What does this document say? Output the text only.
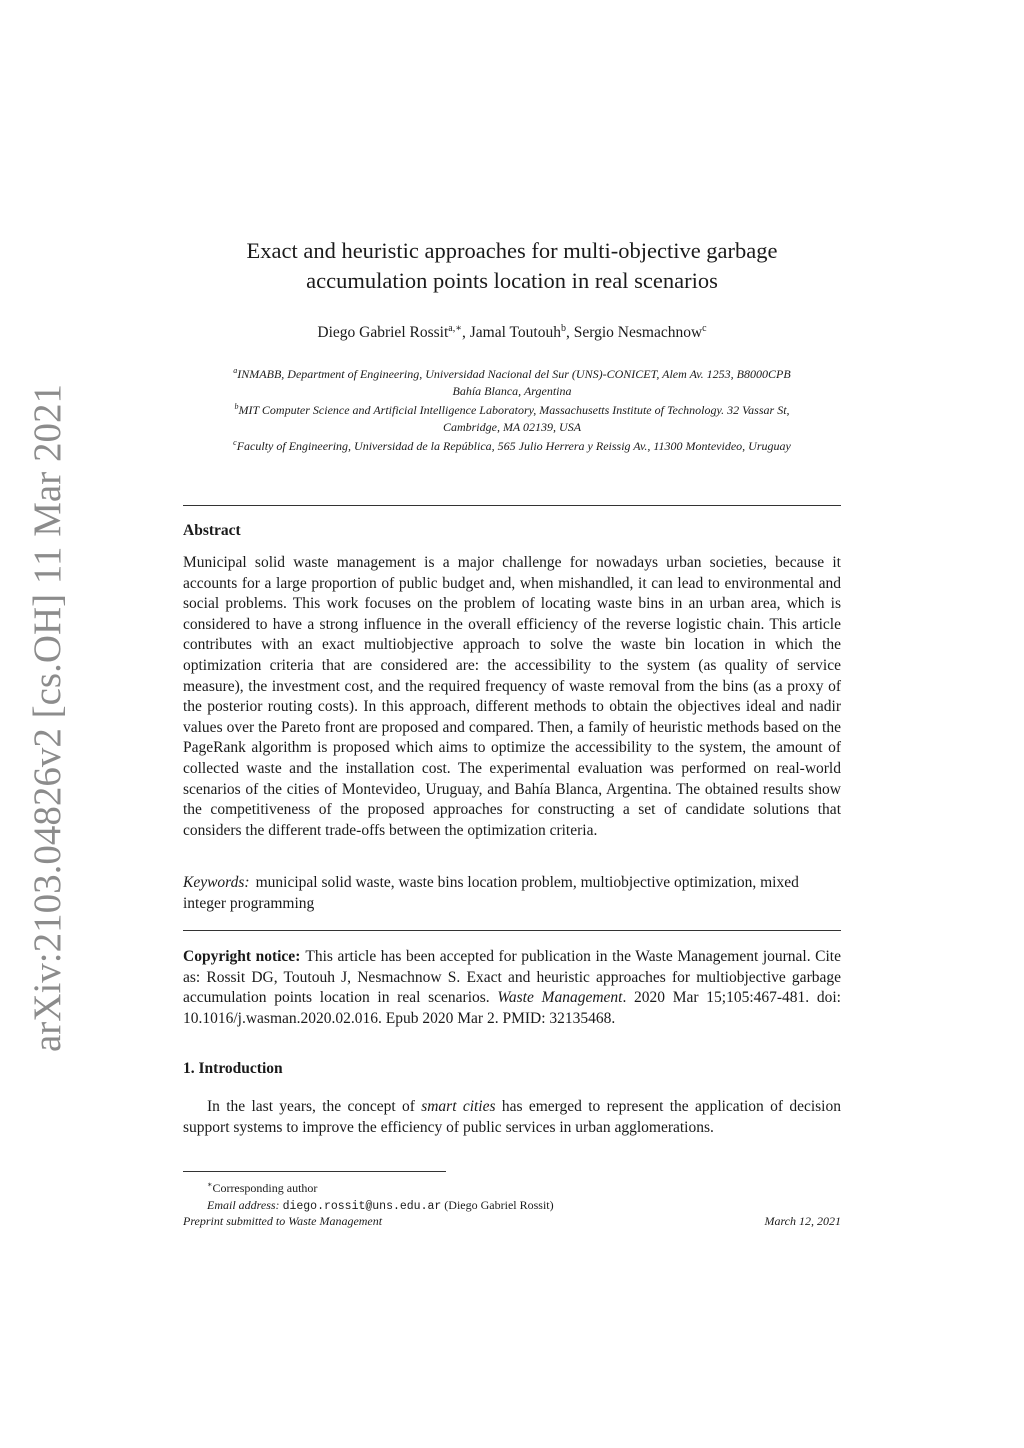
arXiv:2103.04826v2 [cs.OH] 11 Mar 2021
Exact and heuristic approaches for multi-objective garbage
accumulation points location in real scenarios
Diego Gabriel Rossit$^{a,∗}$, Jamal Toutouh$^b$, Sergio Nesmachnow$^c$
$^a$INMABB, Department of Engineering, Universidad Nacional del Sur (UNS)-CONICET, Alem Av. 1253, B8000CPB
Bahía Blanca, Argentina
$^b$MIT Computer Science and Artificial Intelligence Laboratory, Massachusetts Institute of Technology. 32 Vassar St,
Cambridge, MA 02139, USA
$^c$Faculty of Engineering, Universidad de la República, 565 Julio Herrera y Reissig Av., 11300 Montevideo, Uruguay
Abstract
Municipal solid waste management is a major challenge for nowadays urban societies, because it accounts for a large proportion of public budget and, when mishandled, it can lead to environmental and social problems. This work focuses on the problem of locating waste bins in an urban area, which is considered to have a strong influence in the overall efficiency of the reverse logistic chain. This article contributes with an exact multiobjective approach to solve the waste bin location in which the optimization criteria that are considered are: the accessibility to the system (as quality of service measure), the investment cost, and the required frequency of waste removal from the bins (as a proxy of the posterior routing costs). In this approach, different methods to obtain the objectives ideal and nadir values over the Pareto front are proposed and compared. Then, a family of heuristic methods based on the PageRank algorithm is proposed which aims to optimize the accessibility to the system, the amount of collected waste and the installation cost. The experimental evaluation was performed on real-world scenarios of the cities of Montevideo, Uruguay, and Bahía Blanca, Argentina. The obtained results show the competitiveness of the proposed approaches for constructing a set of candidate solutions that considers the different trade-offs between the optimization criteria.
Keywords: municipal solid waste, waste bins location problem, multiobjective optimization, mixed integer programming
Copyright notice: This article has been accepted for publication in the Waste Management journal. Cite as: Rossit DG, Toutouh J, Nesmachnow S. Exact and heuristic approaches for multiobjective garbage accumulation points location in real scenarios. Waste Management. 2020 Mar 15;105:467-481. doi: 10.1016/j.wasman.2020.02.016. Epub 2020 Mar 2. PMID: 32135468.
1. Introduction
In the last years, the concept of smart cities has emerged to represent the application of decision support systems to improve the efficiency of public services in urban agglomerations.
∗Corresponding author
Email address: diego.rossit@uns.edu.ar (Diego Gabriel Rossit)
Preprint submitted to Waste Management	March 12, 2021
